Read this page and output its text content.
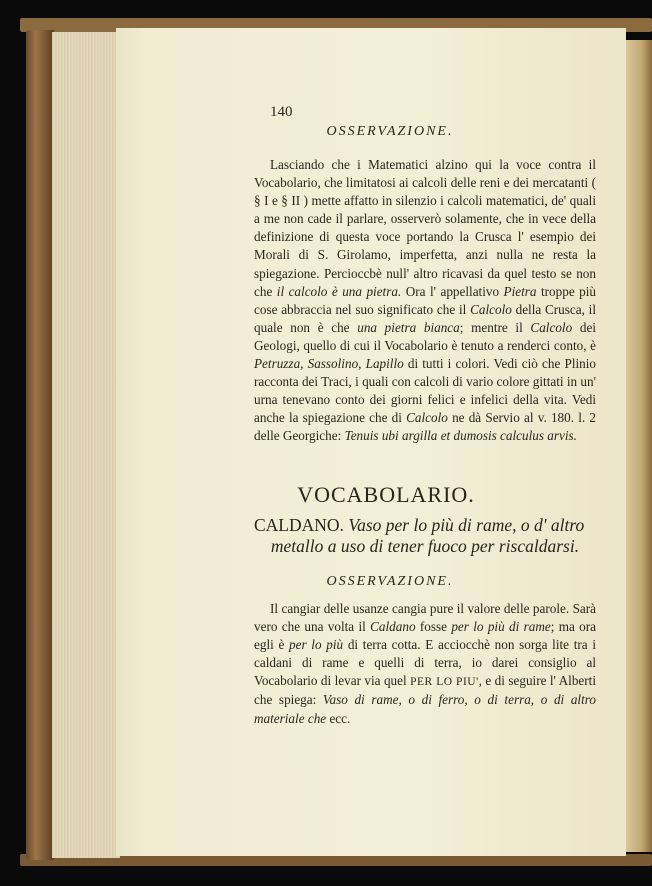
140
OSSERVAZIONE.

Lasciando che i Matematici alzino qui la voce contra il Vocabolario, che limitatosi ai calcoli delle reni e dei mercatanti ( § I e § II ) mette affatto in silenzio i calcoli matematici, de' quali a me non cade il parlare, osserverò solamente, che in vece della definizione di questa voce portando la Crusca l' esempio dei Morali di S. Girolamo, imperfetta, anzi nulla ne resta la spiegazione. Percioccbè null' altro ricavasi da quel testo se non che il calcolo è una pietra. Ora l' appellativo Pietra troppe più cose abbraccia nel suo significato che il Calcolo della Crusca, il quale non è che una pietra bianca; mentre il Calcolo dei Geologi, quello di cui il Vocabolario è tenuto a renderci conto, è Petruzza, Sassolino, Lapillo di tutti i colori. Vedi ciò che Plinio racconta dei Traci, i quali con calcoli di vario colore gittati in un' urna tenevano conto dei giorni felici e infelici della vita. Vedi anche la spiegazione che di Calcolo ne dà Servio al v. 180. l. 2 delle Georgiche: Tenuis ubi argilla et dumosis calculus arvis.

VOCABOLARIO.
CALDANO. Vaso per lo più di rame, o d' altro
metallo a uso di tener fuoco per riscaldarsi.
OSSERVAZIONE.

Il cangiar delle usanze cangia pure il valore delle parole. Sarà vero che una volta il Caldano fosse per lo più di rame; ma ora egli è per lo più di terra cotta. E acciocchè non sorga lite tra i caldani di rame e quelli di terra, io darei consiglio al Vocabolario di levar via quel PER LO PIU', e di seguire l' Alberti che spiega: Vaso di rame, o di ferro, o di terra, o di altro materiale che ecc.
